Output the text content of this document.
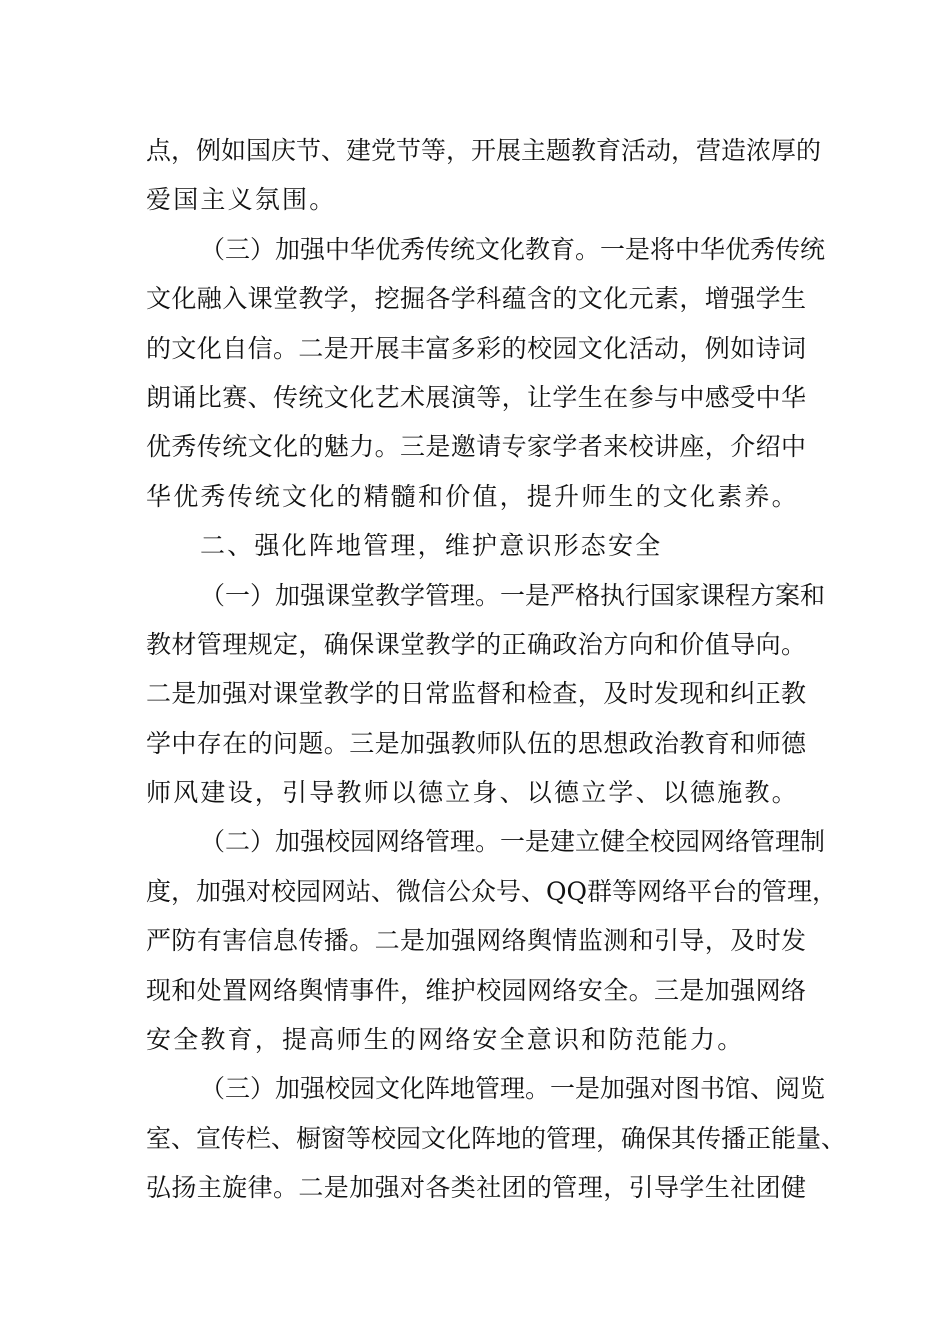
点，例如国庆节、建党节等，开展主题教育活动，营造浓厚的
爱国主义氛围。
（三）加强中华优秀传统文化教育。一是将中华优秀传统
文化融入课堂教学，挖掘各学科蕴含的文化元素，增强学生
的文化自信。二是开展丰富多彩的校园文化活动，例如诗词
朗诵比赛、传统文化艺术展演等，让学生在参与中感受中华
优秀传统文化的魅力。三是邀请专家学者来校讲座，介绍中
华优秀传统文化的精髓和价值，提升师生的文化素养。
二、强化阵地管理，维护意识形态安全
（一）加强课堂教学管理。一是严格执行国家课程方案和
教材管理规定，确保课堂教学的正确政治方向和价值导向。
二是加强对课堂教学的日常监督和检查，及时发现和纠正教
学中存在的问题。三是加强教师队伍的思想政治教育和师德
师风建设，引导教师以德立身、以德立学、以德施教。
（二）加强校园网络管理。一是建立健全校园网络管理制
度，加强对校园网站、微信公众号、QQ群等网络平台的管理，
严防有害信息传播。二是加强网络舆情监测和引导，及时发
现和处置网络舆情事件，维护校园网络安全。三是加强网络
安全教育，提高师生的网络安全意识和防范能力。
（三）加强校园文化阵地管理。一是加强对图书馆、阅览
室、宣传栏、橱窗等校园文化阵地的管理，确保其传播正能量、
弘扬主旋律。二是加强对各类社团的管理，引导学生社团健
